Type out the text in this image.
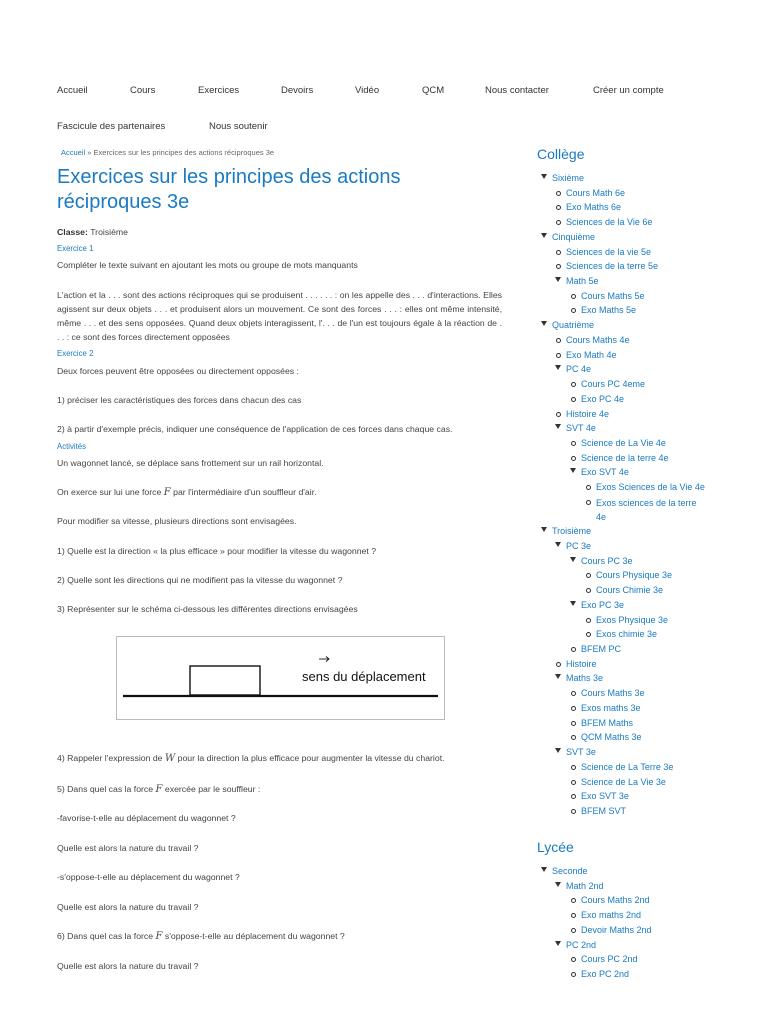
Accueil	Cours	Exercices	Devoirs	Vidéo	QCM	Nous contacter	Créer un compte
Fascicule des partenaires	Nous soutenir
Accueil » Exercices sur les principes des actions réciproques 3e
Exercices sur les principes des actions réciproques 3e
Classe: Troisième
Exercice 1
Compléter le texte suivant en ajoutant les mots ou groupe de mots manquants
L'action et la . . . sont des actions réciproques qui se produisent . . . . . . : on les appelle des . . . d'interactions. Elles agissent sur deux objets . . . et produisent alors un mouvement. Ce sont des forces . . . : elles ont même intensité, même . . . et des sens opposées. Quand deux objets interagissent, l'. . . de l'un est toujours égale à la réaction de . . . : ce sont des forces directement opposées
Exercice 2
Deux forces peuvent être opposées ou directement opposées :
1) préciser les caractéristiques des forces dans chacun des cas
2) à partir d'exemple précis, indiquer une conséquence de l'application de ces forces dans chaque cas.
Activités
Un wagonnet lancé, se déplace sans frottement sur un rail horizontal.
On exerce sur lui une force F par l'intermédiaire d'un souffleur d'air.
Pour modifier sa vitesse, plusieurs directions sont envisagées.
1) Quelle est la direction « la plus efficace » pour modifier la vitesse du wagonnet ?
2) Quelle sont les directions qui ne modifient pas la vitesse du wagonnet ?
3) Représenter sur le schéma ci-dessous les différentes directions envisagées
sens du déplacement
4) Rappeler l'expression de W pour la direction la plus efficace pour augmenter la vitesse du chariot.
5) Dans quel cas la force F exercée par le souffleur :
-favorise-t-elle au déplacement du wagonnet ?
Quelle est alors la nature du travail ?
-s'oppose-t-elle au déplacement du wagonnet ?
Quelle est alors la nature du travail ?
6) Dans quel cas la force F s'oppose-t-elle au déplacement du wagonnet ?
Quelle est alors la nature du travail ?
Collège
Lycée
Sixième
Cours Math 6e
Exo Maths 6e
Sciences de la Vie 6e
Cinquième
Sciences de la vie 5e
Sciences de la terre 5e
Math 5e
Cours Maths 5e
Exo Maths 5e
Quatrième
Cours Maths 4e
Exo Math 4e
PC 4e
Cours PC 4eme
Exo PC 4e
Histoire 4e
SVT 4e
Science de La Vie 4e
Science de la terre 4e
Exo SVT 4e
Exos Sciences de la Vie 4e
Exos sciences de la terre
4e
Troisième
PC 3e
Cours PC 3e
Cours Physique 3e
Cours Chimie 3e
Exo PC 3e
Exos Physique 3e
Exos chimie 3e
BFEM PC
Histoire
Maths 3e
Cours Maths 3e
Exos maths 3e
BFEM Maths
QCM Maths 3e
SVT 3e
Science de La Terre 3e
Science de La Vie 3e
Exo SVT 3e
BFEM SVT
Seconde
Math 2nd
Cours Maths 2nd
Exo maths 2nd
Devoir Maths 2nd
PC 2nd
Cours PC 2nd
Exo PC 2nd
